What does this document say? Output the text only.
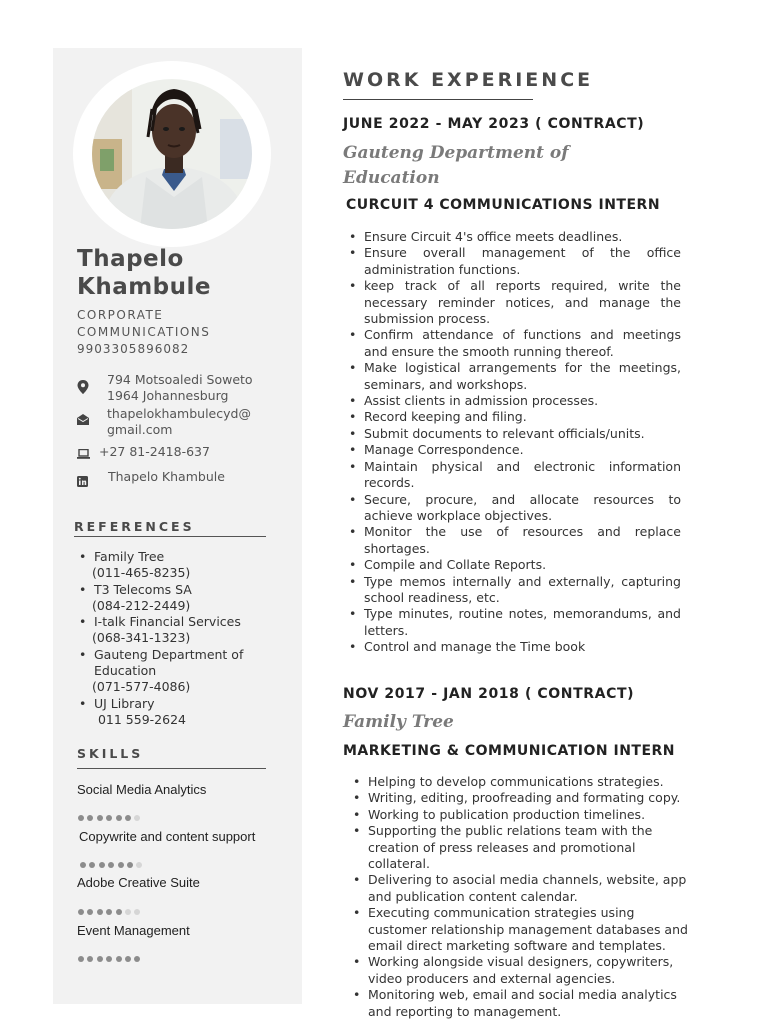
Thapelo
Khambule
CORPORATE
COMMUNICATIONS
9903305896082
794 Motsoaledi Soweto
1964 Johannesburg
thapelokhambulecyd@
gmail.com
+27 81-2418-637
Thapelo Khambule
REFERENCES
• Family Tree
(011-465-8235)
• T3 Telecoms SA
(084-212-2449)
• I-talk Financial Services
(068-341-1323)
• Gauteng Department of
Education
(071-577-4086)
• UJ Library
011 559-2624
SKILLS
Social Media Analytics
Copywrite and content support
Adobe Creative Suite
Event Management
WORK EXPERIENCE
JUNE 2022 - MAY 2023 ( CONTRACT)
Gauteng Department of
Education
CURCUIT 4 COMMUNICATIONS INTERN
• Ensure Circuit 4's office meets deadlines.
• Ensure overall management of the office administration functions.
• keep track of all reports required, write the necessary reminder notices, and manage the submission process.
• Confirm attendance of functions and meetings and ensure the smooth running thereof.
• Make logistical arrangements for the meetings, seminars, and workshops.
• Assist clients in admission processes.
• Record keeping and filing.
• Submit documents to relevant officials/units.
• Manage Correspondence.
• Maintain physical and electronic information records.
• Secure, procure, and allocate resources to achieve workplace objectives.
• Monitor the use of resources and replace shortages.
• Compile and Collate Reports.
• Type memos internally and externally, capturing school readiness, etc.
• Type minutes, routine notes, memorandums, and letters.
• Control and manage the Time book
NOV 2017 - JAN 2018 ( CONTRACT)
Family Tree
MARKETING & COMMUNICATION INTERN
• Helping to develop communications strategies.
• Writing, editing, proofreading and formating copy.
• Working to publication production timelines.
• Supporting the public relations team with the creation of press releases and promotional collateral.
• Delivering to asocial media channels, website, app and publication content calendar.
• Executing communication strategies using customer relationship management databases and email direct marketing software and templates.
• Working alongside visual designers, copywriters, video producers and external agencies.
• Monitoring web, email and social media analytics and reporting to management.
